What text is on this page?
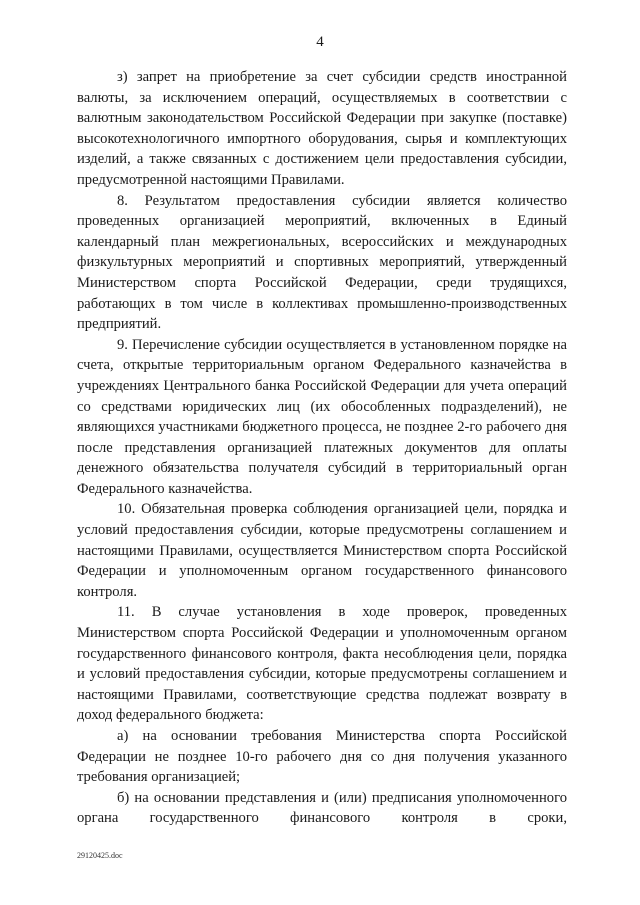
4

з) запрет на приобретение за счет субсидии средств иностранной валюты, за исключением операций, осуществляемых в соответствии с валютным законодательством Российской Федерации при закупке (поставке) высокотехнологичного импортного оборудования, сырья и комплектующих изделий, а также связанных с достижением цели предоставления субсидии, предусмотренной настоящими Правилами.

8. Результатом предоставления субсидии является количество проведенных организацией мероприятий, включенных в Единый календарный план межрегиональных, всероссийских и международных физкультурных мероприятий и спортивных мероприятий, утвержденный Министерством спорта Российской Федерации, среди трудящихся, работающих в том числе в коллективах промышленно-производственных предприятий.

9. Перечисление субсидии осуществляется в установленном порядке на счета, открытые территориальным органом Федерального казначейства в учреждениях Центрального банка Российской Федерации для учета операций со средствами юридических лиц (их обособленных подразделений), не являющихся участниками бюджетного процесса, не позднее 2-го рабочего дня после представления организацией платежных документов для оплаты денежного обязательства получателя субсидий в территориальный орган Федерального казначейства.

10. Обязательная проверка соблюдения организацией цели, порядка и условий предоставления субсидии, которые предусмотрены соглашением и настоящими Правилами, осуществляется Министерством спорта Российской Федерации и уполномоченным органом государственного финансового контроля.

11. В случае установления в ходе проверок, проведенных Министерством спорта Российской Федерации и уполномоченным органом государственного финансового контроля, факта несоблюдения цели, порядка и условий предоставления субсидии, которые предусмотрены соглашением и настоящими Правилами, соответствующие средства подлежат возврату в доход федерального бюджета:

а) на основании требования Министерства спорта Российской Федерации не позднее 10-го рабочего дня со дня получения указанного требования организацией;

б) на основании представления и (или) предписания уполномоченного органа государственного финансового контроля в сроки,

29120425.doc
